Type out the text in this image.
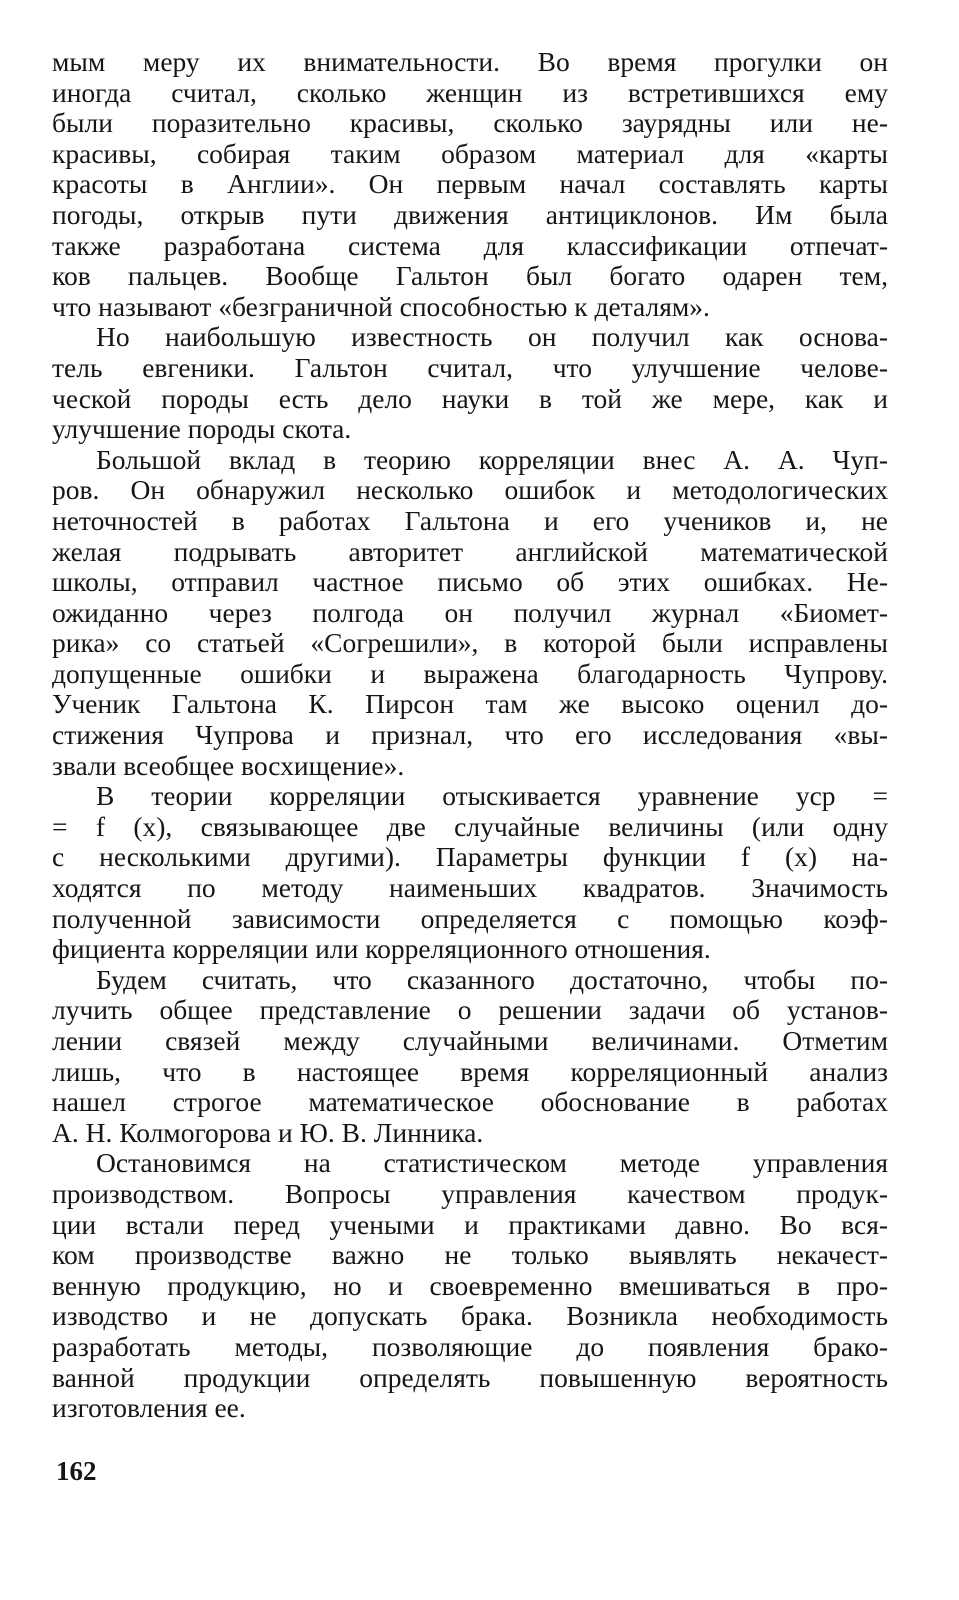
мым меру их внимательности. Во время прогулки он
иногда считал, сколько женщин из встретившихся ему
были поразительно красивы, сколько заурядны или не-
красивы, собирая таким образом материал для «карты
красоты в Англии». Он первым начал составлять карты
погоды, открыв пути движения антициклонов. Им была
также разработана система для классификации отпечат-
ков пальцев. Вообще Гальтон был богато одарен тем,
что называют «безграничной способностью к деталям».
Но наибольшую известность он получил как основа-
тель евгеники. Гальтон считал, что улучшение челове-
ческой породы есть дело науки в той же мере, как и
улучшение породы скота.
Большой вклад в теорию корреляции внес А. А. Чуп-
ров. Он обнаружил несколько ошибок и методологических
неточностей в работах Гальтона и его учеников и, не
желая подрывать авторитет английской математической
школы, отправил частное письмо об этих ошибках. Не-
ожиданно через полгода он получил журнал «Биомет-
рика» со статьей «Согрешили», в которой были исправлены
допущенные ошибки и выражена благодарность Чупрову.
Ученик Гальтона К. Пирсон там же высоко оценил до-
стижения Чупрова и признал, что его исследования «вы-
звали всеобщее восхищение».
В теории корреляции отыскивается уравнение yср =
= f (x), связывающее две случайные величины (или одну
с несколькими другими). Параметры функции f (x) на-
ходятся по методу наименьших квадратов. Значимость
полученной зависимости определяется с помощью коэф-
фициента корреляции или корреляционного отношения.
Будем считать, что сказанного достаточно, чтобы по-
лучить общее представление о решении задачи об установ-
лении связей между случайными величинами. Отметим
лишь, что в настоящее время корреляционный анализ
нашел строгое математическое обоснование в работах
А. Н. Колмогорова и Ю. В. Линника.
Остановимся на статистическом методе управления
производством. Вопросы управления качеством продук-
ции встали перед учеными и практиками давно. Во вся-
ком производстве важно не только выявлять некачест-
венную продукцию, но и своевременно вмешиваться в про-
изводство и не допускать брака. Возникла необходимость
разработать методы, позволяющие до появления брако-
ванной продукции определять повышенную вероятность
изготовления ее.
162
